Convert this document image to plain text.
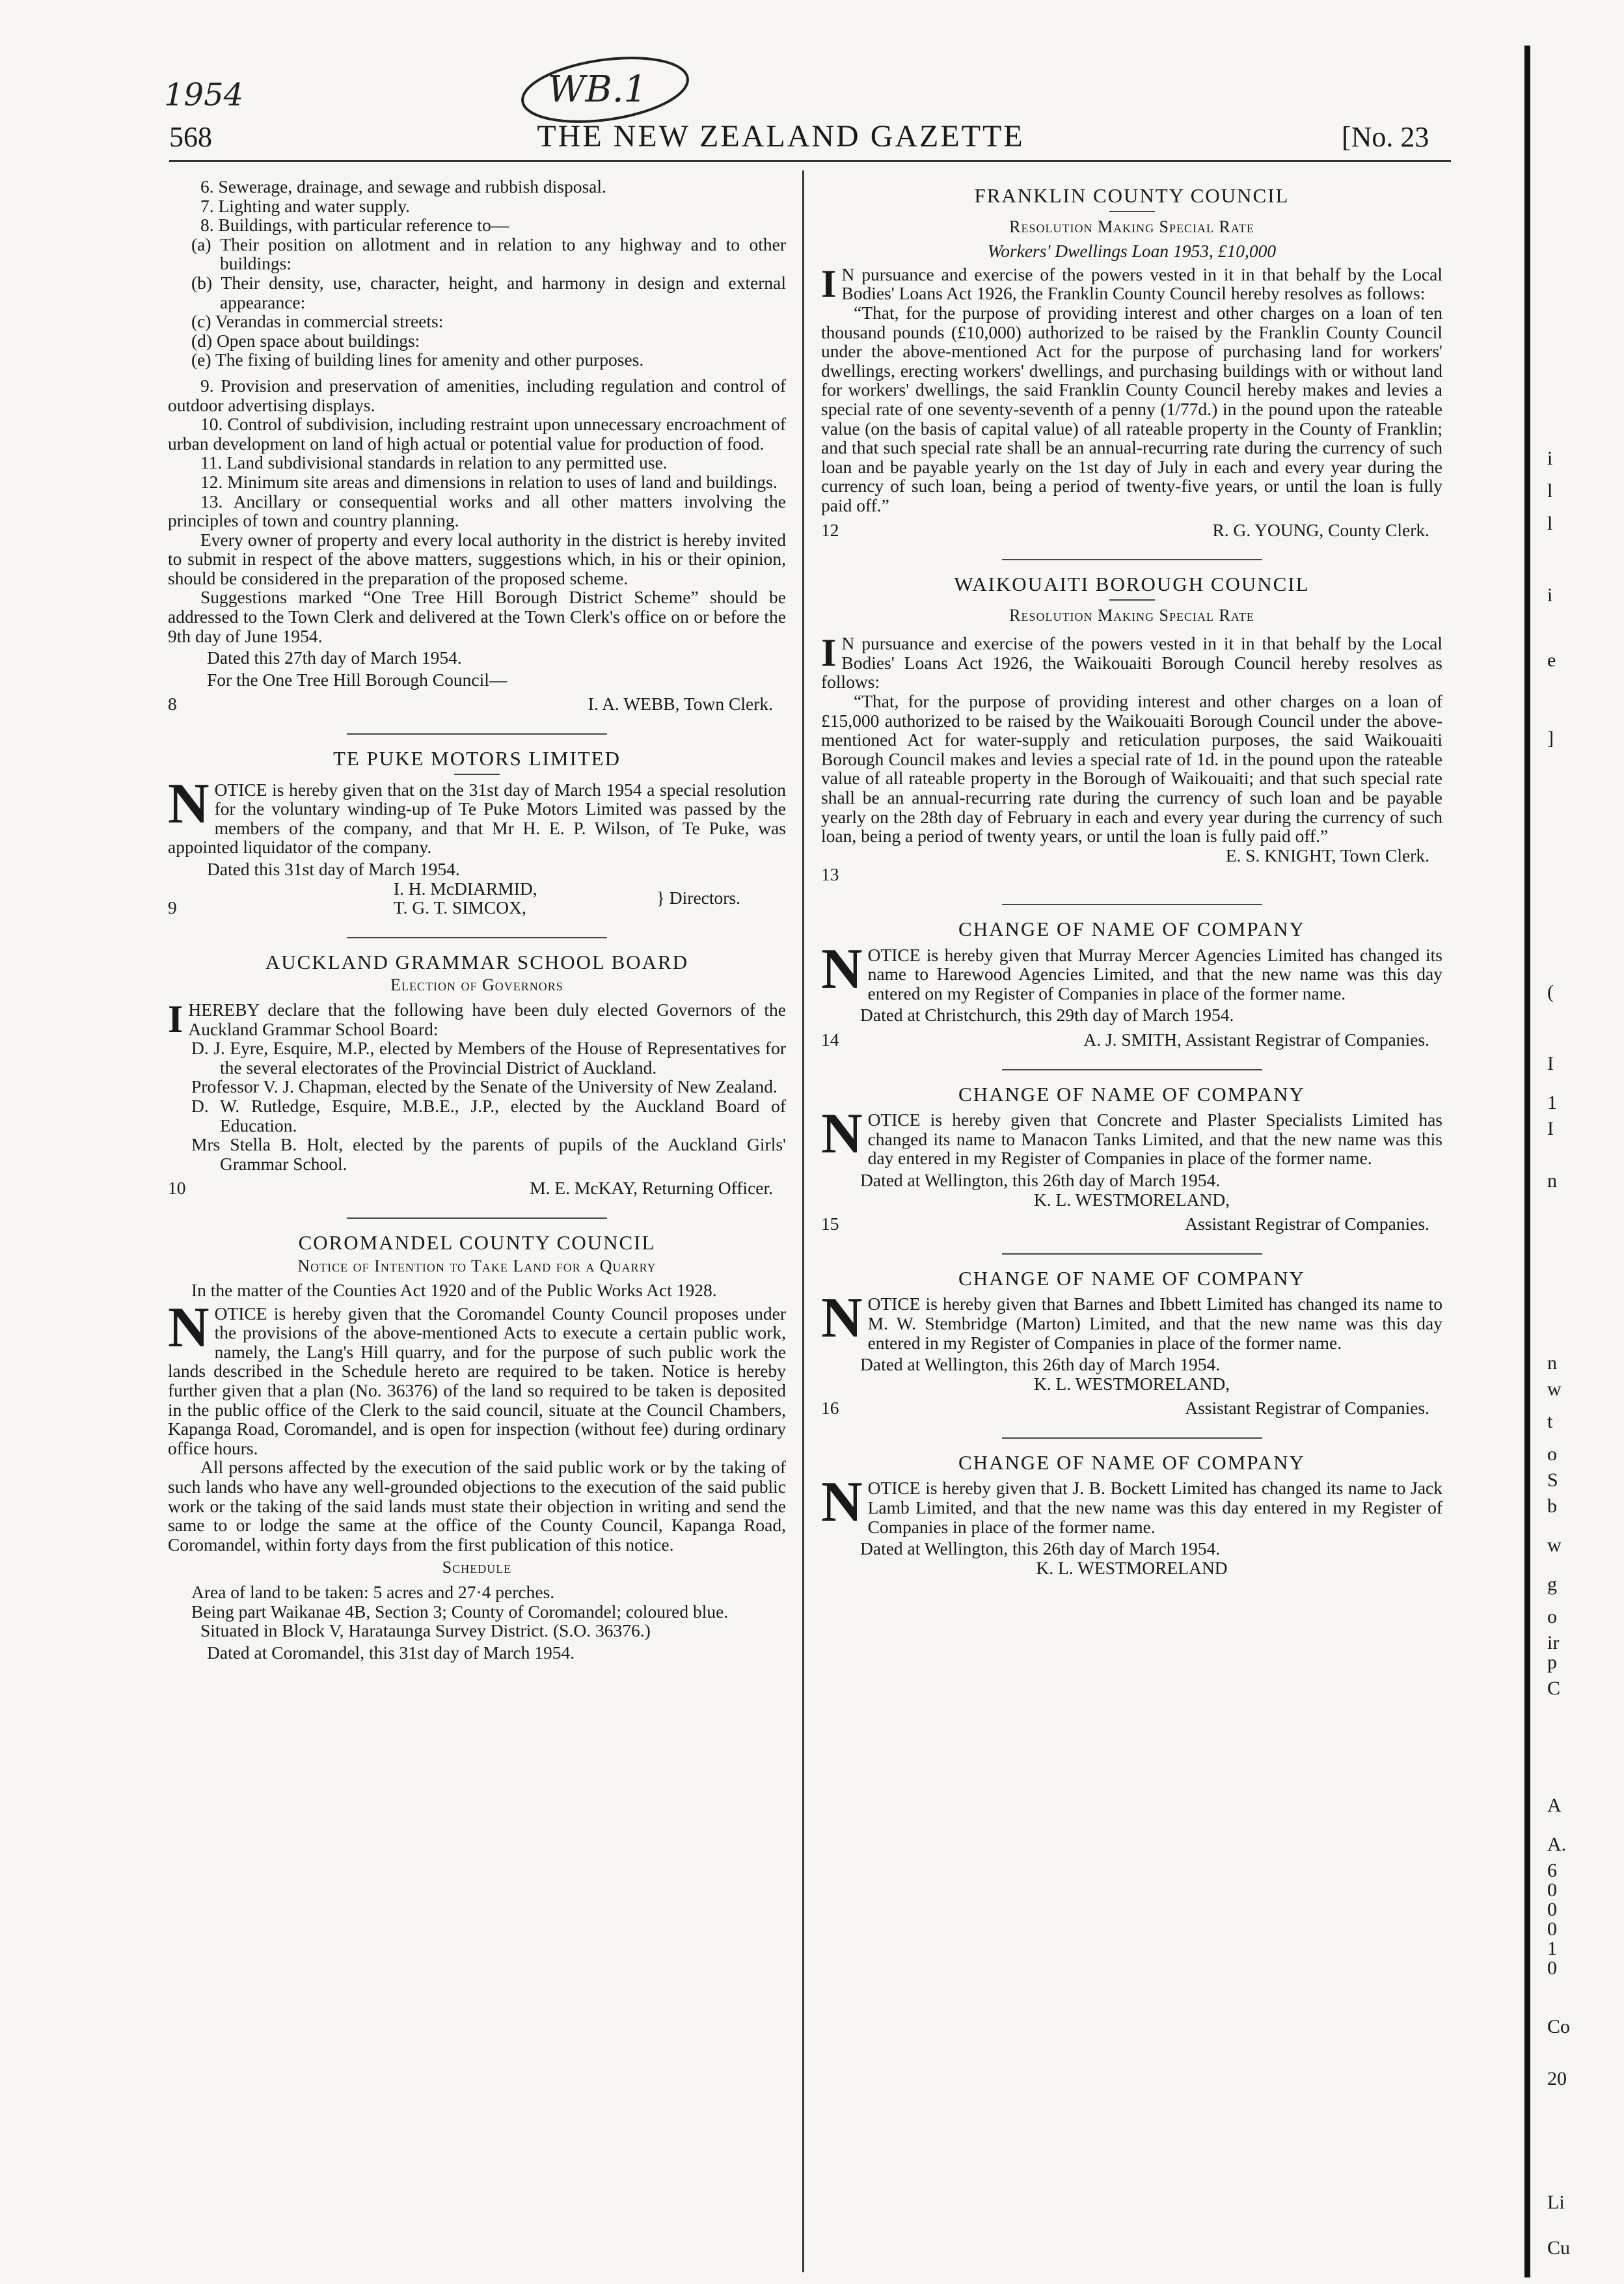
1954	WB.1
568	THE NEW ZEALAND GAZETTE	[No. 23

6. Sewerage, drainage, and sewage and rubbish disposal.

7. Lighting and water supply.

8. Buildings, with particular reference to—

(a) Their position on allotment and in relation to any highway and to other buildings:

(b) Their density, use, character, height, and harmony in design and external appearance:

(c) Verandas in commercial streets:

(d) Open space about buildings:

(e) The fixing of building lines for amenity and other purposes.

9. Provision and preservation of amenities, including regulation and control of outdoor advertising displays.

10. Control of subdivision, including restraint upon unnecessary encroachment of urban development on land of high actual or potential value for production of food.

11. Land subdivisional standards in relation to any permitted use.

12. Minimum site areas and dimensions in relation to uses of land and buildings.

13. Ancillary or consequential works and all other matters involving the principles of town and country planning.

Every owner of property and every local authority in the district is hereby invited to submit in respect of the above matters, suggestions which, in his or their opinion, should be considered in the preparation of the proposed scheme.

Suggestions marked “One Tree Hill Borough District Scheme” should be addressed to the Town Clerk and delivered at the Town Clerk's office on or before the 9th day of June 1954.

Dated this 27th day of March 1954.

For the One Tree Hill Borough Council—

8	I. A. WEBB, Town Clerk.

TE PUKE MOTORS LIMITED

NOTICE is hereby given that on the 31st day of March 1954 a special resolution for the voluntary winding-up of Te Puke Motors Limited was passed by the members of the company, and that Mr H. E. P. Wilson, of Te Puke, was appointed liquidator of the company.

Dated this 31st day of March 1954.

9
I. H. McDIARMID,
T. G. T. SIMCOX,	} Directors.

AUCKLAND GRAMMAR SCHOOL BOARD

Election of Governors

IHEREBY declare that the following have been duly elected Governors of the Auckland Grammar School Board:

D. J. Eyre, Esquire, M.P., elected by Members of the House of Representatives for the several electorates of the Provincial District of Auckland.

Professor V. J. Chapman, elected by the Senate of the University of New Zealand.

D. W. Rutledge, Esquire, M.B.E., J.P., elected by the Auckland Board of Education.

Mrs Stella B. Holt, elected by the parents of pupils of the Auckland Girls' Grammar School.

10	M. E. McKAY, Returning Officer.

COROMANDEL COUNTY COUNCIL

Notice of Intention to Take Land for a Quarry

In the matter of the Counties Act 1920 and of the Public Works Act 1928.

NOTICE is hereby given that the Coromandel County Council proposes under the provisions of the above-mentioned Acts to execute a certain public work, namely, the Lang's Hill quarry, and for the purpose of such public work the lands described in the Schedule hereto are required to be taken. Notice is hereby further given that a plan (No. 36376) of the land so required to be taken is deposited in the public office of the Clerk to the said council, situate at the Council Chambers, Kapanga Road, Coromandel, and is open for inspection (without fee) during ordinary office hours.

All persons affected by the execution of the said public work or by the taking of such lands who have any well-grounded objections to the execution of the said public work or the taking of the said lands must state their objection in writing and send the same to or lodge the same at the office of the County Council, Kapanga Road, Coromandel, within forty days from the first publication of this notice.

Schedule

Area of land to be taken: 5 acres and 27·4 perches.

Being part Waikanae 4B, Section 3; County of Coromandel; coloured blue.

Situated in Block V, Harataunga Survey District. (S.O. 36376.)

Dated at Coromandel, this 31st day of March 1954.

FRANKLIN COUNTY COUNCIL

Resolution Making Special Rate

Workers' Dwellings Loan 1953, £10,000

I N pursuance and exercise of the powers vested in it in that behalf by the Local Bodies' Loans Act 1926, the Franklin County Council hereby resolves as follows:

“That, for the purpose of providing interest and other charges on a loan of ten thousand pounds (£10,000) authorized to be raised by the Franklin County Council under the above-mentioned Act for the purpose of purchasing land for workers' dwellings, erecting workers' dwellings, and purchasing buildings with or without land for workers' dwellings, the said Franklin County Council hereby makes and levies a special rate of one seventy-seventh of a penny (1/77d.) in the pound upon the rateable value (on the basis of capital value) of all rateable property in the County of Franklin; and that such special rate shall be an annual-recurring rate during the currency of such loan and be payable yearly on the 1st day of July in each and every year during the currency of such loan, being a period of twenty-five years, or until the loan is fully paid off.”

12	R. G. YOUNG, County Clerk.

WAIKOUAITI BOROUGH COUNCIL

Resolution Making Special Rate

I N pursuance and exercise of the powers vested in it in that behalf by the Local Bodies' Loans Act 1926, the Waikouaiti Borough Council hereby resolves as follows:

“That, for the purpose of providing interest and other charges on a loan of £15,000 authorized to be raised by the Waikouaiti Borough Council under the above-mentioned Act for water-supply and reticulation purposes, the said Waikouaiti Borough Council makes and levies a special rate of 1d. in the pound upon the rateable value of all rateable property in the Borough of Waikouaiti; and that such special rate shall be an annual-recurring rate during the currency of such loan and be payable yearly on the 28th day of February in each and every year during the currency of such loan, being a period of twenty years, or until the loan is fully paid off.”

E. S. KNIGHT, Town Clerk.

13

CHANGE OF NAME OF COMPANY

NOTICE is hereby given that Murray Mercer Agencies Limited has changed its name to Harewood Agencies Limited, and that the new name was this day entered on my Register of Companies in place of the former name.

Dated at Christchurch, this 29th day of March 1954.

14	A. J. SMITH, Assistant Registrar of Companies.

CHANGE OF NAME OF COMPANY

NOTICE is hereby given that Concrete and Plaster Specialists Limited has changed its name to Manacon Tanks Limited, and that the new name was this day entered in my Register of Companies in place of the former name.

Dated at Wellington, this 26th day of March 1954.

K. L. WESTMORELAND,

15	Assistant Registrar of Companies.

CHANGE OF NAME OF COMPANY

NOTICE is hereby given that Barnes and Ibbett Limited has changed its name to M. W. Stembridge (Marton) Limited, and that the new name was this day entered in my Register of Companies in place of the former name.

Dated at Wellington, this 26th day of March 1954.

K. L. WESTMORELAND,

16	Assistant Registrar of Companies.

CHANGE OF NAME OF COMPANY

NOTICE is hereby given that J. B. Bockett Limited has changed its name to Jack Lamb Limited, and that the new name was this day entered in my Register of Companies in place of the former name.

Dated at Wellington, this 26th day of March 1954.

K. L. WESTMORELAND

i
l
l
i
e
]
(
I
1
I
n
n
w
t
o
S
b
w
g
o
ir
p
C
A
A.
6
0
0
0
1
0
Co
20
Li
Cu
